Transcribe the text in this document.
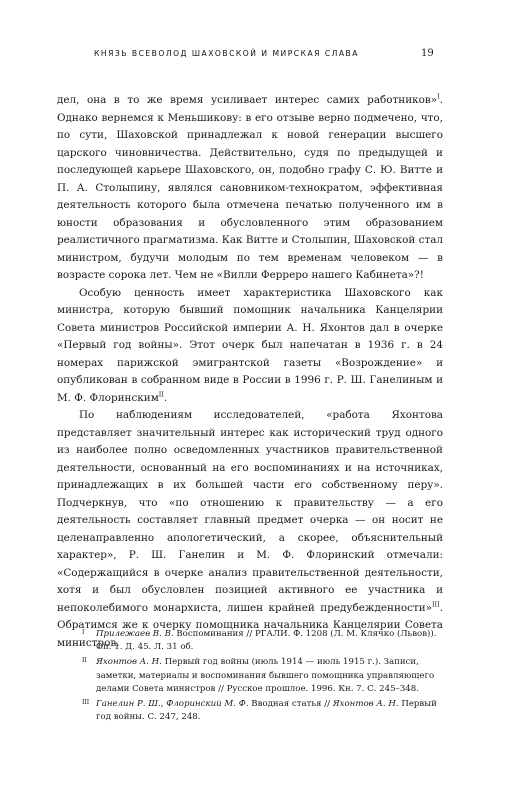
КНЯЗЬ ВСЕВОЛОД ШАХОВСКОЙ И МИРСКАЯ СЛАВА	19

дел, она в то же время усиливает интерес самих работников»$^I$. Однако вернемся к Меньшикову: в его отзыве верно подмечено, что, по сути, Шаховской принадлежал к новой генерации высшего царского чиновничества. Действительно, судя по предыдущей и последующей карьере Шаховского, он, подобно графу С. Ю. Витте и П. А. Столыпину, являлся сановником-технократом, эффективная деятельность которого была отмечена печатью полученного им в юности образования и обусловленного этим образованием реалистичного прагматизма. Как Витте и Столыпин, Шаховской стал министром, будучи молодым по тем временам человеком — в возрасте сорока лет. Чем не «Вилли Ферреро нашего Кабинета»?!

Особую ценность имеет характеристика Шаховского как министра, которую бывший помощник начальника Канцелярии Совета министров Российской империи А. Н. Яхонтов дал в очерке «Первый год войны». Этот очерк был напечатан в 1936 г. в 24 номерах парижской эмигрантской газеты «Возрождение» и опубликован в собранном виде в России в 1996 г. Р. Ш. Ганелиным и М. Ф. Флоринским$^{II}$.

По наблюдениям исследователей, «работа Яхонтова представляет значительный интерес как исторический труд одного из наиболее полно осведомленных участников правительственной деятельности, основанный на его воспоминаниях и на источниках, принадлежащих в их большей части его собственному перу». Подчеркнув, что «по отношению к правительству — а его деятельность составляет главный предмет очерка — он носит не целенаправленно апологетический, а скорее, объяснительный характер», Р. Ш. Ганелин и М. Ф. Флоринский отмечали: «Содержащийся в очерке анализ правительственной деятельности, хотя и был обусловлен позицией активного ее участника и непоколебимого монархиста, лишен крайней предубежденности»$^{III}$. Обратимся же к очерку помощника начальника Канцелярии Совета министров.

I Прилежаев В. В. Воспоминания // РГАЛИ. Ф. 1208 (Л. М. Клячко (Львов)). Оп. 1. Д. 45. Л. 31 об.
II Яхонтов А. Н. Первый год войны (июль 1914 — июль 1915 г.). Записи, заметки, материалы и воспоминания бывшего помощника управляющего делами Совета министров // Русское прошлое. 1996. Кн. 7. С. 245–348.
III Ганелин Р. Ш., Флоринский М. Ф. Вводная статья // Яхонтов А. Н. Первый год войны. С. 247, 248.
